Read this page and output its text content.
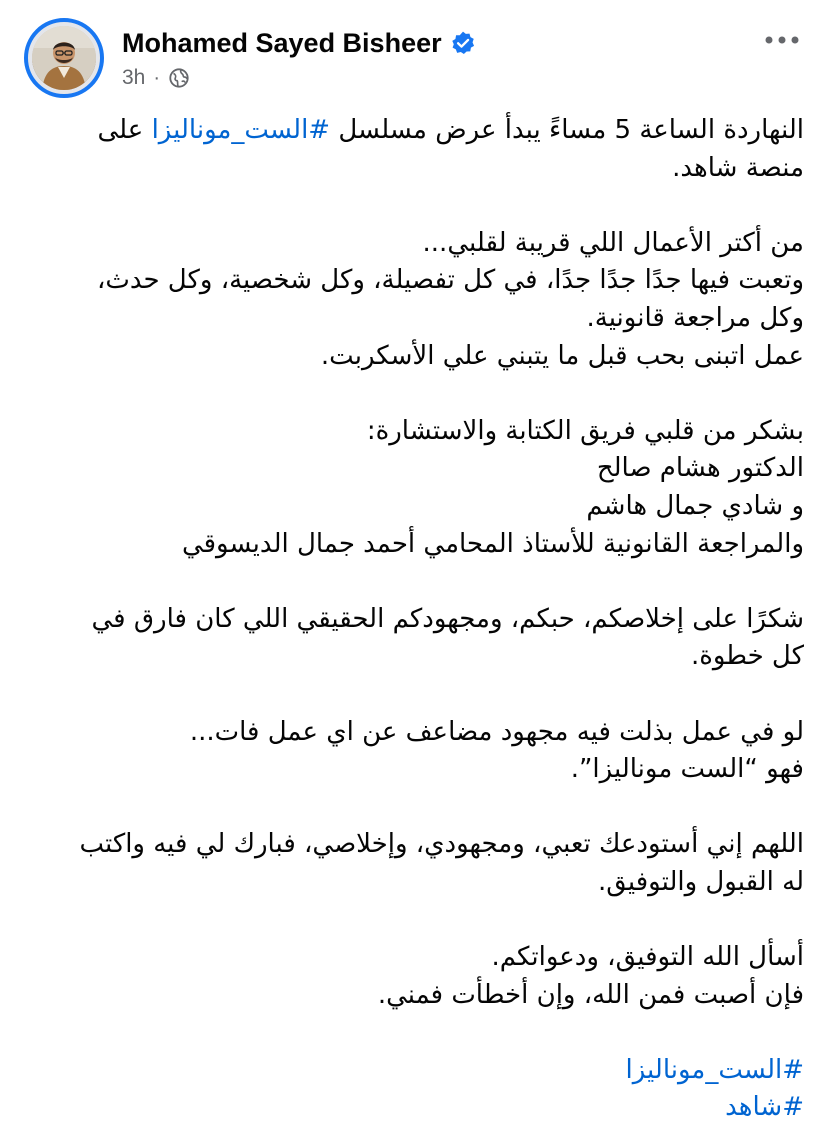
Mohamed Sayed Bisheer
3h ·
النهاردة الساعة 5 مساءً يبدأ عرض مسلسل #الست_موناليزا على
منصة شاهد.
من أكتر الأعمال اللي قريبة لقلبي...
وتعبت فيها جدًا جدًا جدًا، في كل تفصيلة، وكل شخصية، وكل حدث،
وكل مراجعة قانونية.
عمل اتبنى بحب قبل ما يتبني علي الأسكربت.
بشكر من قلبي فريق الكتابة والاستشارة:
الدكتور هشام صالح
و شادي جمال هاشم
والمراجعة القانونية للأستاذ المحامي أحمد جمال الديسوقي
شكرًا على إخلاصكم، حبكم، ومجهودكم الحقيقي اللي كان فارق في
كل خطوة.
لو في عمل بذلت فيه مجهود مضاعف عن اي عمل فات...
فهو “الست موناليزا”.
اللهم إني أستودعك تعبي، ومجهودي، وإخلاصي، فبارك لي فيه واكتب
له القبول والتوفيق.
أسأل الله التوفيق، ودعواتكم.
فإن أصبت فمن الله، وإن أخطأت فمني.
#الست_موناليزا
#شاهد
